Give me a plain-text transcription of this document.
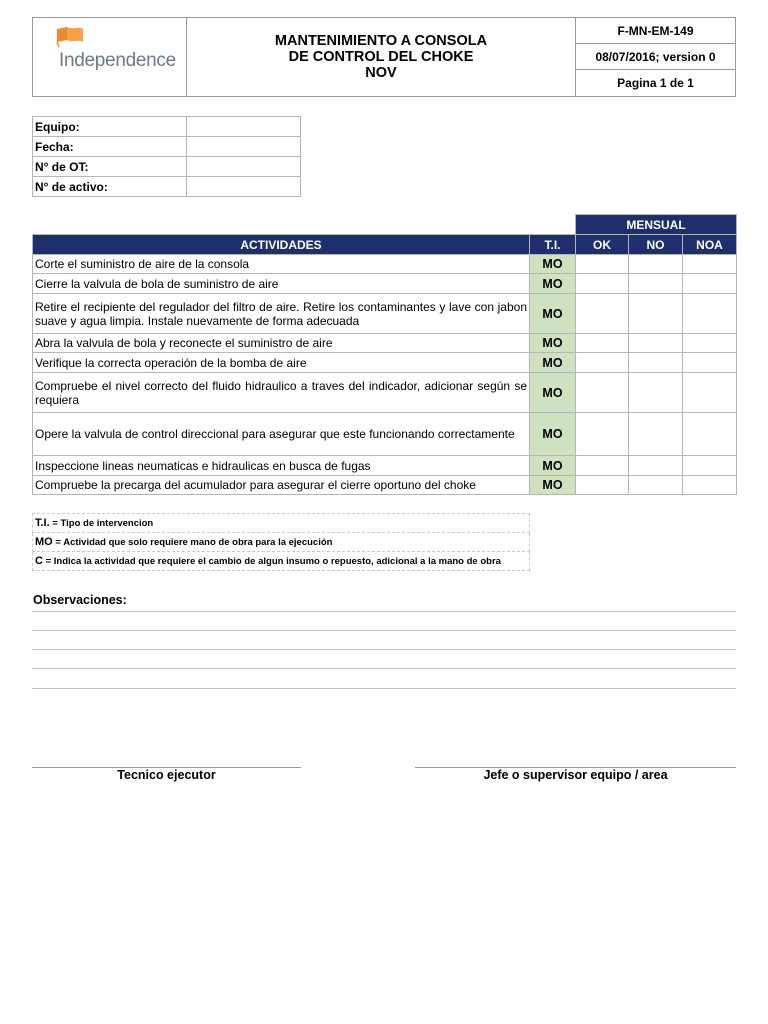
Independence
MANTENIMIENTO A CONSOLA
DE CONTROL DEL CHOKE
NOV
F-MN-EM-149
08/07/2016; version 0
Pagina 1 de 1
Equipo:	
Fecha:	
N° de OT:	
N° de activo:	
		MENSUAL		
ACTIVIDADES	T.I.	OK	NO	NOA
Corte el suministro de aire de la consola	MO			
Cierre la valvula de bola de suministro de aire	MO			
Retire el recipiente del regulador del filtro de aire. Retire los contaminantes y lave con jabon suave y agua limpia. Instale nuevamente de forma adecuada	MO			
Abra la valvula de bola y reconecte el suministro de aire	MO			
Verifique la correcta operación de la bomba de aire	MO			
Compruebe el nivel correcto del fluido hidraulico a traves del indicador, adicionar según se requiera	MO			
Opere la valvula de control direccional para asegurar que este funcionando correctamente	MO			
Inspeccione lineas neumaticas e hidraulicas en busca de fugas	MO			
Compruebe la precarga del acumulador para asegurar el cierre oportuno del choke	MO			
T.I. = Tipo de intervencion
MO = Actividad que solo requiere mano de obra para la ejecución
C = Indica la actividad que requiere el cambio de algun insumo o repuesto, adicional a la mano de obra
Observaciones:
Tecnico ejecutor	Jefe o supervisor equipo / area
